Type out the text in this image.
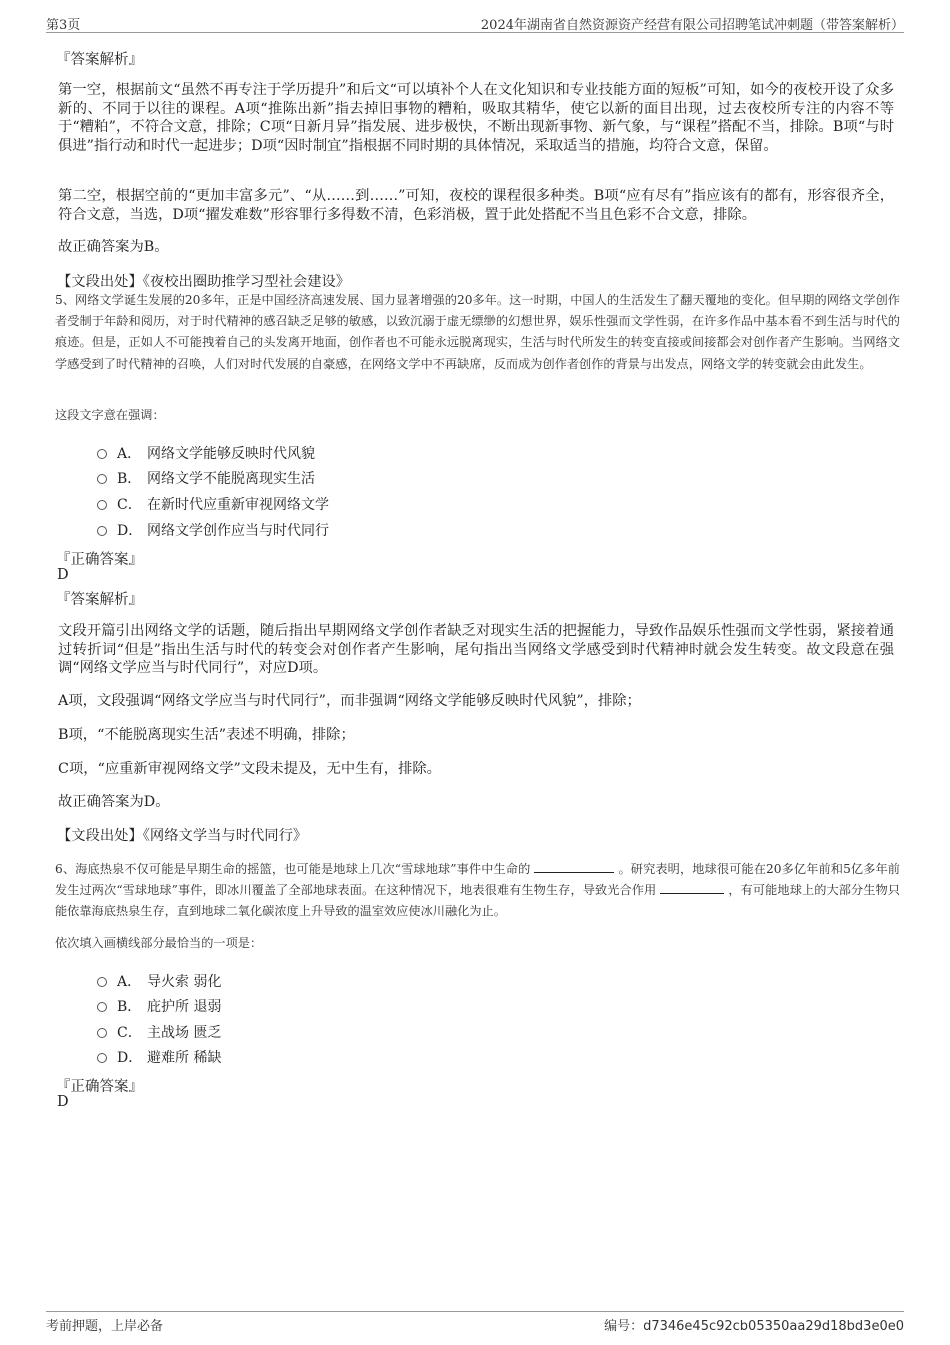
第3页	2024年湖南省自然资源资产经营有限公司招聘笔试冲刺题（带答案解析）
『答案解析』
第一空，根据前文“虽然不再专注于学历提升”和后文“可以填补个人在文化知识和专业技能方面的短板”可知，如今的夜校开设了众多新的、不同于以往的课程。A项“推陈出新”指去掉旧事物的糟粕，吸取其精华，使它以新的面目出现，过去夜校所专注的内容不等于“糟粕”，不符合文意，排除；C项“日新月异”指发展、进步极快，不断出现新事物、新气象，与“课程”搭配不当，排除。B项“与时俱进”指行动和时代一起进步；D项“因时制宜”指根据不同时期的具体情况，采取适当的措施，均符合文意，保留。
第二空，根据空前的“更加丰富多元”、“从……到……”可知，夜校的课程很多种类。B项“应有尽有”指应该有的都有，形容很齐全，符合文意，当选，D项“擢发难数”形容罪行多得数不清，色彩消极，置于此处搭配不当且色彩不合文意，排除。
故正确答案为B。
【文段出处】《夜校出圈助推学习型社会建设》
5、网络文学诞生发展的20多年，正是中国经济高速发展、国力显著增强的20多年。这一时期，中国人的生活发生了翻天覆地的变化。但早期的网络文学创作者受制于年龄和阅历，对于时代精神的感召缺乏足够的敏感，以致沉溺于虚无缥缈的幻想世界，娱乐性强而文学性弱，在许多作品中基本看不到生活与时代的痕迹。但是，正如人不可能拽着自己的头发离开地面，创作者也不可能永远脱离现实，生活与时代所发生的转变直接或间接都会对创作者产生影响。当网络文学感受到了时代精神的召唤，人们对时代发展的自豪感，在网络文学中不再缺席，反而成为创作者创作的背景与出发点，网络文学的转变就会由此发生。
这段文字意在强调：
A． 网络文学能够反映时代风貌
B． 网络文学不能脱离现实生活
C． 在新时代应重新审视网络文学
D． 网络文学创作应当与时代同行
『正确答案』
D
『答案解析』
文段开篇引出网络文学的话题，随后指出早期网络文学创作者缺乏对现实生活的把握能力，导致作品娱乐性强而文学性弱，紧接着通过转折词“但是”指出生活与时代的转变会对创作者产生影响，尾句指出当网络文学感受到时代精神时就会发生转变。故文段意在强调“网络文学应当与时代同行”，对应D项。
A项，文段强调“网络文学应当与时代同行”，而非强调“网络文学能够反映时代风貌”，排除；
B项，“不能脱离现实生活”表述不明确，排除；
C项，“应重新审视网络文学”文段未提及，无中生有，排除。
故正确答案为D。
【文段出处】《网络文学当与时代同行》
6、海底热泉不仅可能是早期生命的摇篮，也可能是地球上几次“雪球地球”事件中生命的	。研究表明，地球很可能在20多亿年前和5亿多年前发生过两次“雪球地球”事件，即冰川覆盖了全部地球表面。在这种情况下，地表很难有生物生存，导致光合作用	，有可能地球上的大部分生物只能依靠海底热泉生存，直到地球二氧化碳浓度上升导致的温室效应使冰川融化为止。
依次填入画横线部分最恰当的一项是：
A． 导火索 弱化
B． 庇护所 退弱
C． 主战场 匮乏
D． 避难所 稀缺
『正确答案』
D
考前押题，上岸必备	编号：d7346e45c92cb05350aa29d18bd3e0e0
